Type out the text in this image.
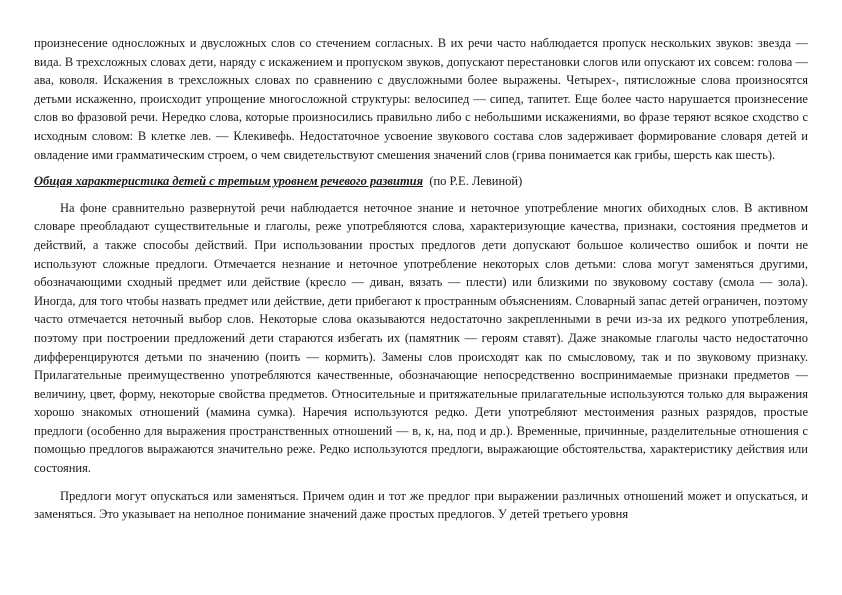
произнесение односложных и двусложных слов со стечением согласных. В их речи часто наблюдается пропуск нескольких звуков: звезда — вида. В трехсложных словах дети, наряду с искажением и пропуском звуков, допускают перестановки слогов или опускают их совсем: голова — ава, коволя. Искажения в трехсложных словах по сравнению с двусложными более выражены. Четырех-, пятисложные слова произносятся детьми искаженно, происходит упрощение многосложной структуры: велосипед — сипед, тапитет. Еще более часто нарушается произнесение слов во фразовой речи. Нередко слова, которые произносились правильно либо с небольшими искажениями, во фразе теряют всякое сходство с исходным словом: В клетке лев. — Клекивефь. Недостаточное усвоение звукового состава слов задерживает формирование словаря детей и овладение ими грамматическим строем, о чем свидетельствуют смешения значений слов (грива понимается как грибы, шерсть как шесть).

Общая характеристика детей с третьим уровнем речевого развития (по Р.Е. Левиной)

На фоне сравнительно развернутой речи наблюдается неточное знание и неточное употребление многих обиходных слов. В активном словаре преобладают существительные и глаголы, реже употребляются слова, характеризующие качества, признаки, состояния предметов и действий, а также способы действий. При использовании простых предлогов дети допускают большое количество ошибок и почти не используют сложные предлоги. Отмечается незнание и неточное употребление некоторых слов детьми: слова могут заменяться другими, обозначающими сходный предмет или действие (кресло — диван, вязать — плести) или близкими по звуковому составу (смола — зола). Иногда, для того чтобы назвать предмет или действие, дети прибегают к пространным объяснениям. Словарный запас детей ограничен, поэтому часто отмечается неточный выбор слов. Некоторые слова оказываются недостаточно закрепленными в речи из-за их редкого употребления, поэтому при построении предложений дети стараются избегать их (памятник — героям ставят). Даже знакомые глаголы часто недостаточно дифференцируются детьми по значению (поить — кормить). Замены слов происходят как по смысловому, так и по звуковому признаку. Прилагательные преимущественно употребляются качественные, обозначающие непосредственно воспринимаемые признаки предметов — величину, цвет, форму, некоторые свойства предметов. Относительные и притяжательные прилагательные используются только для выражения хорошо знакомых отношений (мамина сумка). Наречия используются редко. Дети употребляют местоимения разных разрядов, простые предлоги (особенно для выражения пространственных отношений — в, к, на, под и др.). Временные, причинные, разделительные отношения с помощью предлогов выражаются значительно реже. Редко используются предлоги, выражающие обстоятельства, характеристику действия или состояния.

Предлоги могут опускаться или заменяться. Причем один и тот же предлог при выражении различных отношений может и опускаться, и заменяться. Это указывает на неполное понимание значений даже простых предлогов. У детей третьего уровня
